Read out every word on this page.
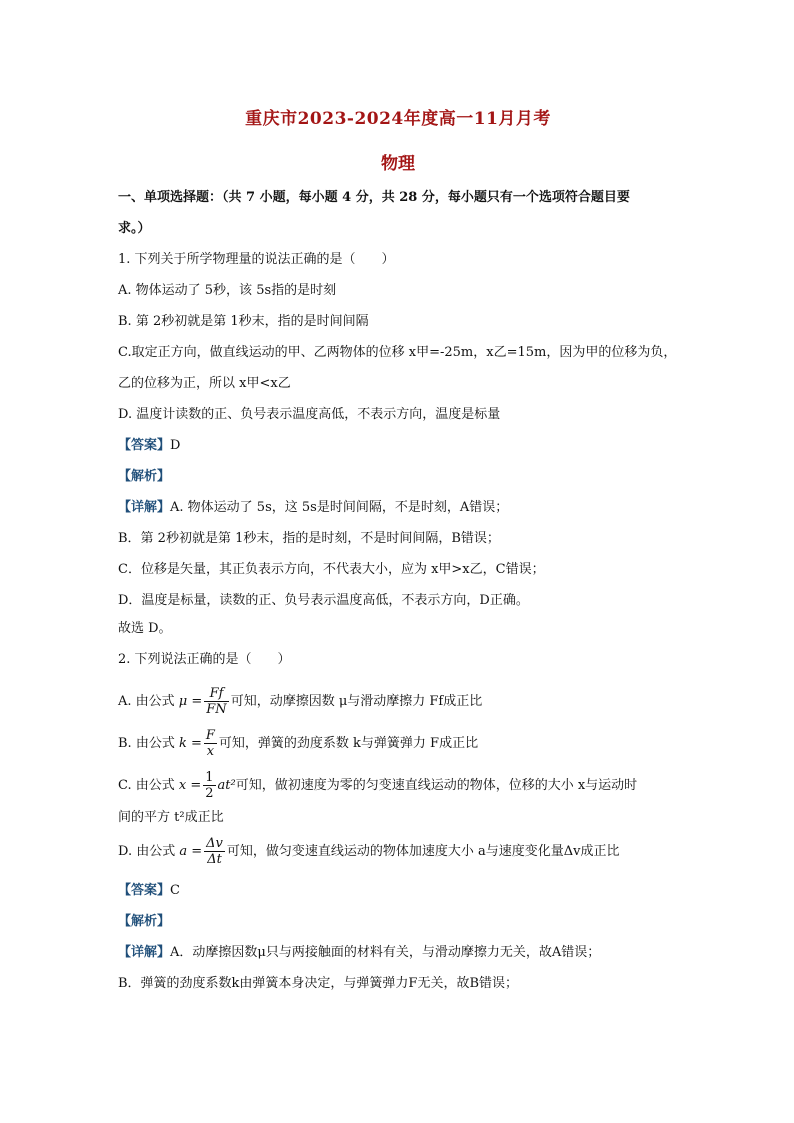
重庆市2023-2024年度高一11月月考

物理

一、单项选择题：（共 7 小题，每小题 4 分，共 28 分，每小题只有一个选项符合题目要

求。）

1. 下列关于所学物理量的说法正确的是（　　）

A. 物体运动了 5秒，该 5s指的是时刻

B. 第 2秒初就是第 1秒末，指的是时间间隔

C.取定正方向，做直线运动的甲、乙两物体的位移 x甲=-25m，x乙=15m，因为甲的位移为负，

乙的位移为正，所以 x甲<x乙

D. 温度计读数的正、负号表示温度高低，不表示方向，温度是标量

【答案】D

【解析】

【详解】A. 物体运动了 5s，这 5s是时间间隔，不是时刻，A错误；

B．第 2秒初就是第 1秒末，指的是时刻，不是时间间隔，B错误；

C．位移是矢量，其正负表示方向，不代表大小，应为 x甲>x乙，C错误；

D．温度是标量，读数的正、负号表示温度高低，不表示方向，D正确。

故选 D。

2. 下列说法正确的是（　　）

A. 由公式 $\mu = \frac{Ff}{FN}$ 可知，动摩擦因数 μ与滑动摩擦力 Ff成正比

B. 由公式 $k = \frac{F}{x}$ 可知，弹簧的劲度系数 k与弹簧弹力 F成正比

C. 由公式 $x = \frac{1}{2} at^2$可知，做初速度为零的匀变速直线运动的物体，位移的大小 x与运动时

间的平方 t²成正比

D. 由公式 $a = \frac{\Delta v}{\Delta t}$ 可知，做匀变速直线运动的物体加速度大小 a与速度变化量Δv成正比

【答案】C

【解析】

【详解】A．动摩擦因数μ只与两接触面的材料有关，与滑动摩擦力无关，故A错误；

B．弹簧的劲度系数k由弹簧本身决定，与弹簧弹力F无关，故B错误；
